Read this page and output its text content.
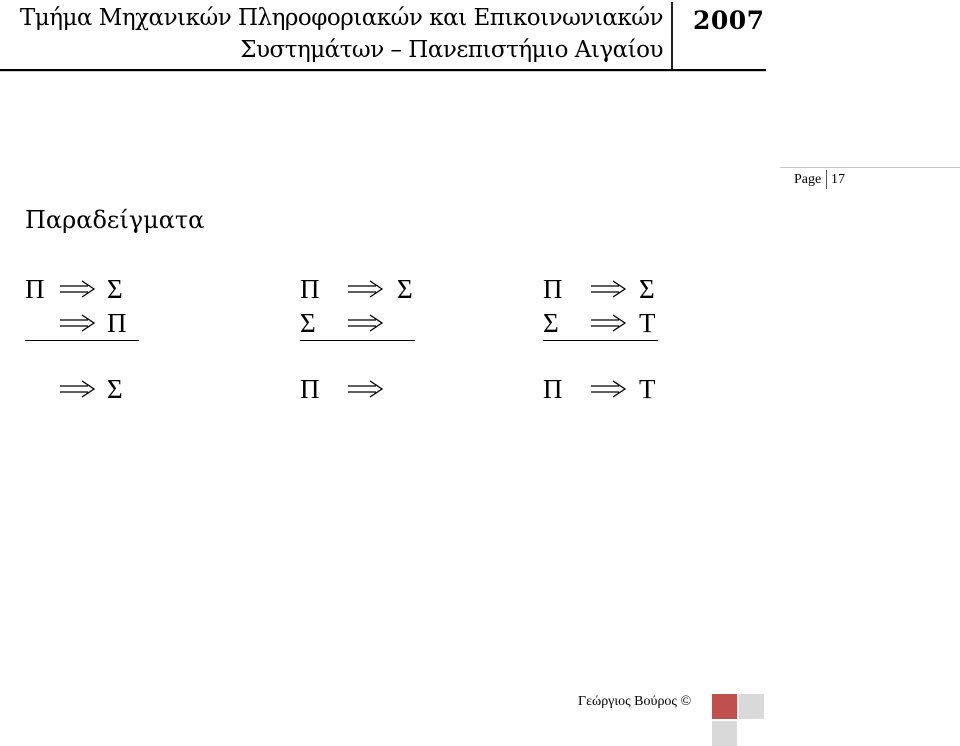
Τμήμα Μηχανικών Πληροφοριακών και Επικοινωνιακών
Συστημάτων – Πανεπιστήμιο Αιγαίου
2007
Page 17
Παραδείγματα
Π Σ
Π
Σ
Π	Σ
Σ
Π
Π	Σ
Σ	Τ
Π	Τ
Γεώργιος Βούρος ©
